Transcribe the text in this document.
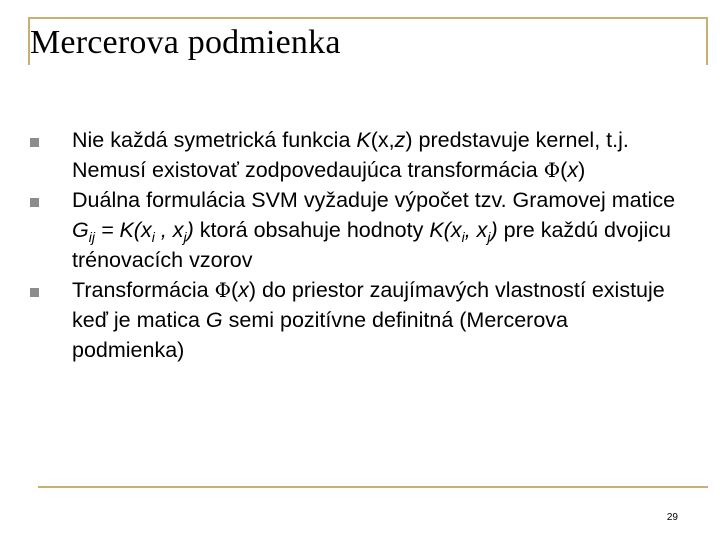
Mercerova podmienka
Nie každá symetrická funkcia K(x,z) predstavuje kernel, t.j. Nemusí existovať zodpovedaujúca transformácia Φ(x)
Duálna formulácia SVM vyžaduje výpočet tzv. Gramovej matice $G_{ij} = K(x_i$ , $x_j$) ktorá obsahuje hodnoty $K(x_i$, $x_j$) pre každú dvojicu trénovacích vzorov
Transformácia Φ(x) do priestor zaujímavých vlastností existuje keď je matica G semi pozitívne definitná (Mercerova podmienka)
29
